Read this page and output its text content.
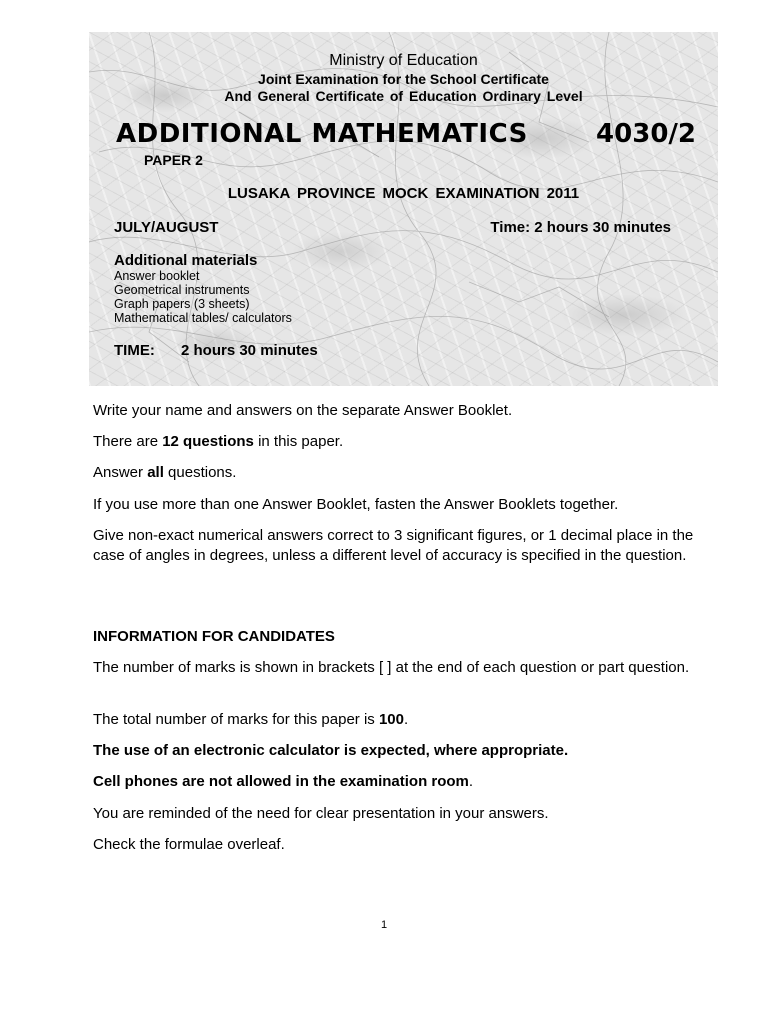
Ministry of Education
Joint Examination for the School Certificate
And General Certificate of Education Ordinary Level
ADDITIONAL MATHEMATICS	4030/2
PAPER 2
LUSAKA PROVINCE MOCK EXAMINATION 2011
JULY/AUGUST	Time: 2 hours 30 minutes
Additional materials
Answer booklet
Geometrical instruments
Graph papers (3 sheets)
Mathematical tables/ calculators
TIME: 2 hours 30 minutes
Write your name and answers on the separate Answer Booklet.
There are 12 questions in this paper.
Answer all questions.
If you use more than one Answer Booklet, fasten the Answer Booklets together.
Give non-exact numerical answers correct to 3 significant figures, or 1 decimal place in the case of angles in degrees, unless a different level of accuracy is specified in the question.
INFORMATION FOR CANDIDATES
The number of marks is shown in brackets [ ] at the end of each question or part question.
The total number of marks for this paper is 100.
The use of an electronic calculator is expected, where appropriate.
Cell phones are not allowed in the examination room.
You are reminded of the need for clear presentation in your answers.
Check the formulae overleaf.
1
